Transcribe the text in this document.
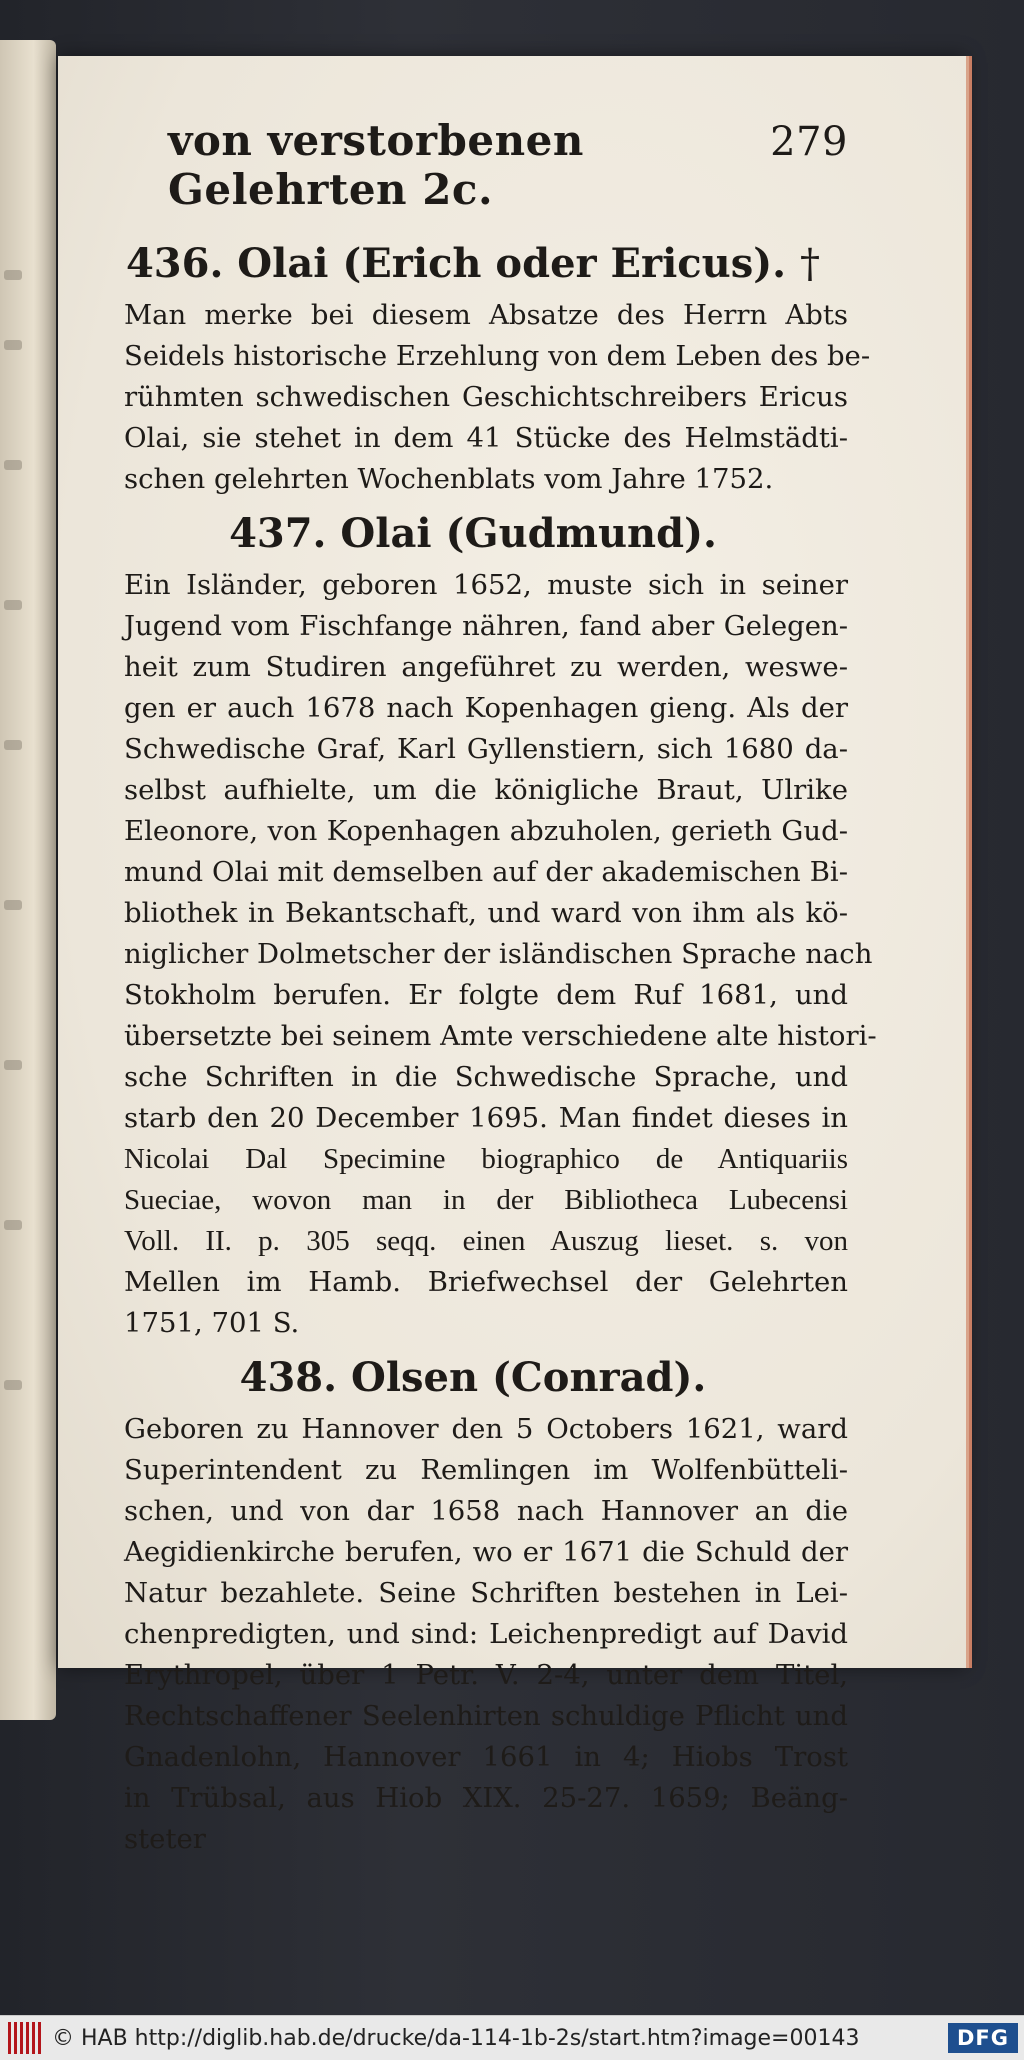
von verstorbenen Gelehrten 2c.
279
436. Olai (Erich oder Ericus). †

Man merke bei diesem Absatze des Herrn Abts
Seidels historische Erzehlung von dem Leben des be-
rühmten schwedischen Geschichtschreibers Ericus
Olai, sie stehet in dem 41 Stücke des Helmstädti-
schen gelehrten Wochenblats vom Jahre 1752.

437. Olai (Gudmund).

Ein Isländer, geboren 1652, muste sich in seiner
Jugend vom Fischfange nähren, fand aber Gelegen-
heit zum Studiren angeführet zu werden, weswe-
gen er auch 1678 nach Kopenhagen gieng. Als der
Schwedische Graf, Karl Gyllenstiern, sich 1680 da-
selbst aufhielte, um die königliche Braut, Ulrike
Eleonore, von Kopenhagen abzuholen, gerieth Gud-
mund Olai mit demselben auf der akademischen Bi-
bliothek in Bekantschaft, und ward von ihm als kö-
niglicher Dolmetscher der isländischen Sprache nach
Stokholm berufen. Er folgte dem Ruf 1681, und
übersetzte bei seinem Amte verschiedene alte histori-
sche Schriften in die Schwedische Sprache, und
starb den 20 December 1695. Man findet dieses in
Nicolai Dal Specimine biographico de Antiquariis
Sueciae, wovon man in der Bibliotheca Lubecensi
Voll. II. p. 305 seqq. einen Auszug lieset. s. von
Mellen im Hamb. Briefwechsel der Gelehrten
1751, 701 S.

438. Olsen (Conrad).

Geboren zu Hannover den 5 Octobers 1621, ward
Superintendent zu Remlingen im Wolfenbütteli-
schen, und von dar 1658 nach Hannover an die
Aegidienkirche berufen, wo er 1671 die Schuld der
Natur bezahlete. Seine Schriften bestehen in Lei-
chenpredigten, und sind: Leichenpredigt auf David
Erythropel, über 1 Petr. V. 2-4, unter dem Titel,
Rechtschaffener Seelenhirten schuldige Pflicht und
Gnadenlohn, Hannover 1661 in 4; Hiobs Trost
in Trübsal, aus Hiob XIX. 25-27. 1659; Beäng-
steter

© HAB http://diglib.hab.de/drucke/da-114-1b-2s/start.htm?image=00143	DFG
